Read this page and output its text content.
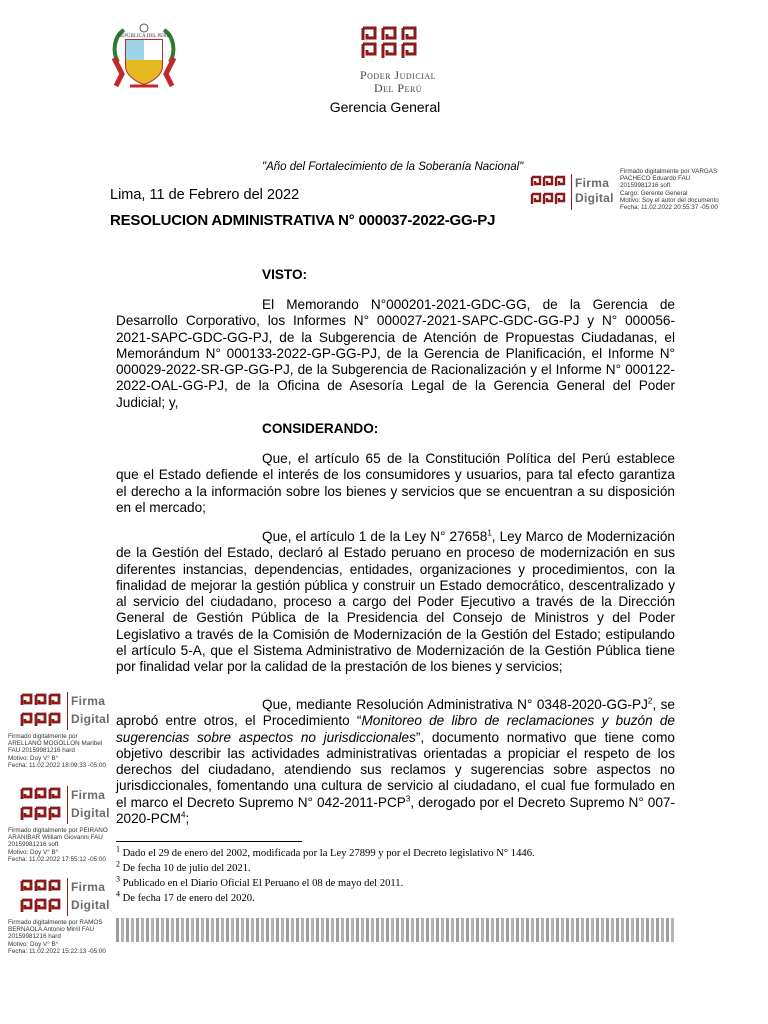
REPÚBLICA DEL PERÚ
Poder Judicial
Del Perú
Gerencia General
"Año del Fortalecimiento de la Soberanía Nacional"
Firma
Digital
Firmado digitalmente por VARGAS
PACHECO Eduardo FAU
20159981216 soft
Cargo: Gerente General
Motivo: Soy el autor del documento
Fecha: 11.02.2022 20:55:37 -05:00
Lima, 11 de Febrero del 2022
RESOLUCION ADMINISTRATIVA N° 000037-2022-GG-PJ
VISTO:
El Memorando N°000201-2021-GDC-GG, de la Gerencia de Desarrollo Corporativo, los Informes N° 000027-2021-SAPC-GDC-GG-PJ y N° 000056-2021-SAPC-GDC-GG-PJ, de la Subgerencia de Atención de Propuestas Ciudadanas, el Memorándum N° 000133-2022-GP-GG-PJ, de la Gerencia de Planificación, el Informe N° 000029-2022-SR-GP-GG-PJ, de la Subgerencia de Racionalización y el Informe N° 000122-2022-OAL-GG-PJ, de la Oficina de Asesoría Legal de la Gerencia General del Poder Judicial; y,
CONSIDERANDO:
Que, el artículo 65 de la Constitución Política del Perú establece que el Estado defiende el interés de los consumidores y usuarios, para tal efecto garantiza el derecho a la información sobre los bienes y servicios que se encuentran a su disposición en el mercado;
Que, el artículo 1 de la Ley N° 27658$^1$, Ley Marco de Modernización de la Gestión del Estado, declaró al Estado peruano en proceso de modernización en sus diferentes instancias, dependencias, entidades, organizaciones y procedimientos, con la finalidad de mejorar la gestión pública y construir un Estado democrático, descentralizado y al servicio del ciudadano, proceso a cargo del Poder Ejecutivo a través de la Dirección General de Gestión Pública de la Presidencia del Consejo de Ministros y del Poder Legislativo a través de la Comisión de Modernización de la Gestión del Estado; estipulando el artículo 5-A, que el Sistema Administrativo de Modernización de la Gestión Pública tiene por finalidad velar por la calidad de la prestación de los bienes y servicios;
Que, mediante Resolución Administrativa N° $0348-2020-GG-PJ^2$, se aprobó entre otros, el Procedimiento “Monitoreo de libro de reclamaciones y buzón de sugerencias sobre aspectos no jurisdiccionales”, documento normativo que tiene como objetivo describir las actividades administrativas orientadas a propiciar el respeto de los derechos del ciudadano, atendiendo sus reclamos y sugerencias sobre aspectos no jurisdiccionales, fomentando una cultura de servicio al ciudadano, el cual fue formulado en el marco el Decreto Supremo N° 042-2011-PCP$^3$, derogado por el Decreto Supremo N° 007-2020-PCM$^4$;
$^1$ Dado el 29 de enero del 2002, modificada por la Ley 27899 y por el Decreto legislativo N° 1446.
$^2$ De fecha 10 de julio del 2021.
$^3$ Publicado en el Diario Oficial El Peruano el 08 de mayo del 2011.
$^4$ De fecha 17 de enero del 2020.
Firma
Digital
Firmado digitalmente por
ARELLANO MOGOLLON Maribel
FAU 20159981216 hard
Motivo: Doy V° B°
Fecha: 11.02.2022 18:09:33 -05:00
Firma
Digital
Firmado digitalmente por PEIRANO
ARANIBAR William Giovanni FAU
20159981216 soft
Motivo: Doy V° B°
Fecha: 11.02.2022 17:55:12 -05:00
Firma
Digital
Firmado digitalmente por RAMOS
BERNAOLA Antonio Mirril FAU
20159981216 hard
Motivo: Doy V° B°
Fecha: 11.02.2022 15:22:13 -05:00
